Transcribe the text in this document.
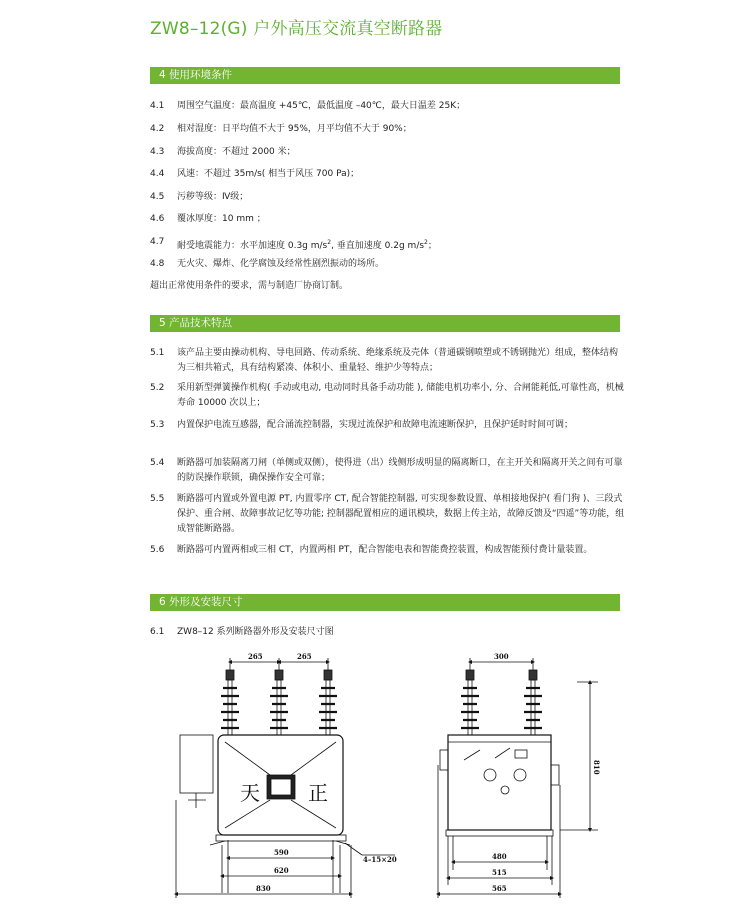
ZW8–12(G) 户外高压交流真空断路器
4 使用环境条件
4.1	周围空气温度：最高温度 +45℃，最低温度 –40℃，最大日温差 25K；
4.2	相对湿度：日平均值不大于 95%，月平均值不大于 90%；
4.3	海拔高度：不超过 2000 米；
4.4	风速：不超过 35m/s( 相当于风压 700 Pa)；
4.5	污秽等级：Ⅳ级；
4.6	覆冰厚度：10 mm ；
4.7	耐受地震能力：水平加速度 0.3g $m/s^2$, 垂直加速度 0.2g $m/s^2$；
4.8	无火灾、爆炸、化学腐蚀及经常性剧烈振动的场所。
超出正常使用条件的要求，需与制造厂协商订制。
5 产品技术特点
5.1	该产品主要由操动机构、导电回路、传动系统、绝缘系统及壳体（普通碳钢喷塑或不锈钢抛光）组成，整体结构为三相共箱式，具有结构紧凑、体积小、重量轻、维护少等特点；
5.2	采用新型弹簧操作机构( 手动或电动, 电动同时具备手动功能 ), 储能电机功率小, 分、合闸能耗低,可靠性高，机械寿命 10000 次以上；
5.3	内置保护电流互感器，配合涌流控制器，实现过流保护和故障电流速断保护，且保护延时时间可调；
5.4	断路器可加装隔离刀闸（单侧或双侧），使得进（出）线侧形成明显的隔离断口，在主开关和隔离开关之间有可靠的防误操作联锁，确保操作安全可靠；
5.5	断路器可内置或外置电源 PT, 内置零序 CT, 配合智能控制器, 可实现参数设置、单相接地保护( 看门狗 )、三段式保护、重合闸、故障事故记忆等功能; 控制器配置相应的通讯模块，数据上传主站，故障反馈及“四遥”等功能，组成智能断路器。
5.6	断路器可内置两相或三相 CT，内置两相 PT，配合智能电表和智能费控装置，构成智能预付费计量装置。
6 外形及安装尺寸
6.1	ZW8–12 系列断路器外形及安装尺寸图
天 正
265	265
590
620
830
4–15×20
300
810
480
515
565
